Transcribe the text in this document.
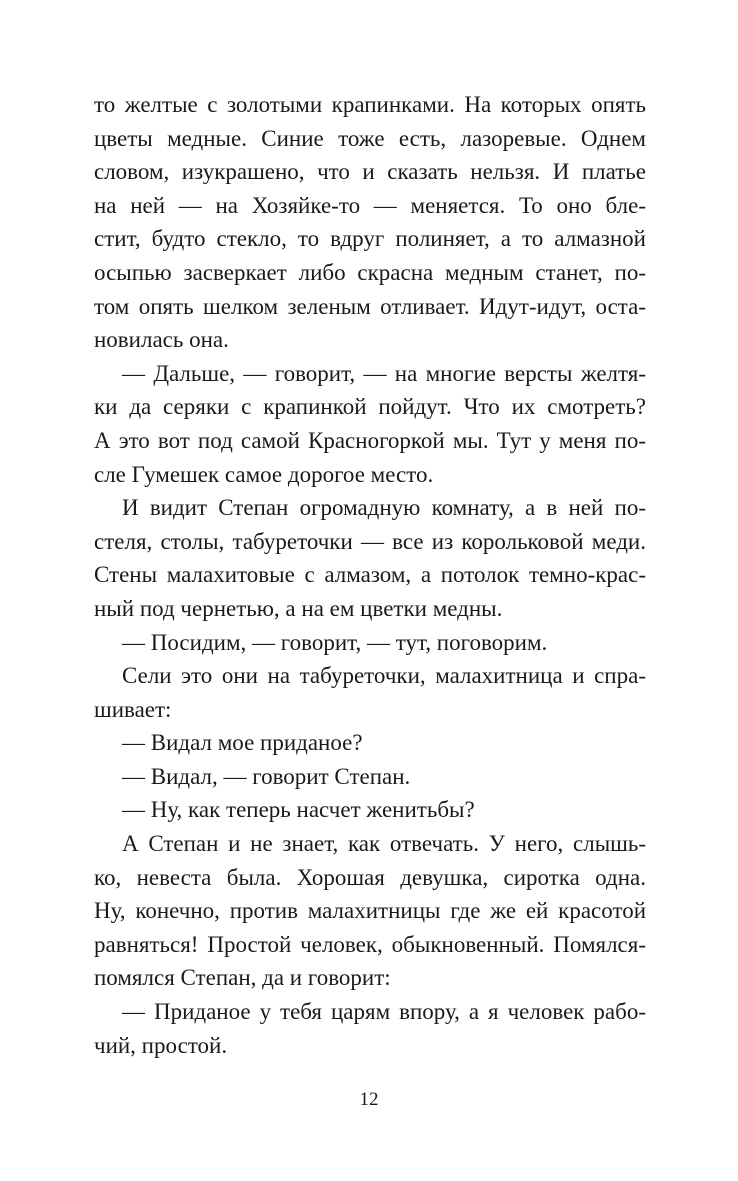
то желтые с золотыми крапинками. На которых опять
цветы медные. Синие тоже есть, лазоревые. Однем
словом, изукрашено, что и сказать нельзя. И платье
на ней — на Хозяйке-то — меняется. То оно бле-
стит, будто стекло, то вдруг полиняет, а то алмазной
осыпью засверкает либо скрасна медным станет, по-
том опять шелком зеленым отливает. Идут-идут, оста-
новилась она.
— Дальше, — говорит, — на многие версты желтя-
ки да серяки с крапинкой пойдут. Что их смотреть?
А это вот под самой Красногоркой мы. Тут у меня по-
сле Гумешек самое дорогое место.
И видит Степан огромадную комнату, а в ней по-
стеля, столы, табуреточки — все из корольковой меди.
Стены малахитовые с алмазом, а потолок темно-крас-
ный под чернетью, а на ем цветки медны.
— Посидим, — говорит, — тут, поговорим.
Сели это они на табуреточки, малахитница и спра-
шивает:
— Видал мое приданое?
— Видал, — говорит Степан.
— Ну, как теперь насчет женитьбы?
А Степан и не знает, как отвечать. У него, слышь-
ко, невеста была. Хорошая девушка, сиротка одна.
Ну, конечно, против малахитницы где же ей красотой
равняться! Простой человек, обыкновенный. Помялся-
помялся Степан, да и говорит:
— Приданое у тебя царям впору, а я человек рабо-
чий, простой.
12
